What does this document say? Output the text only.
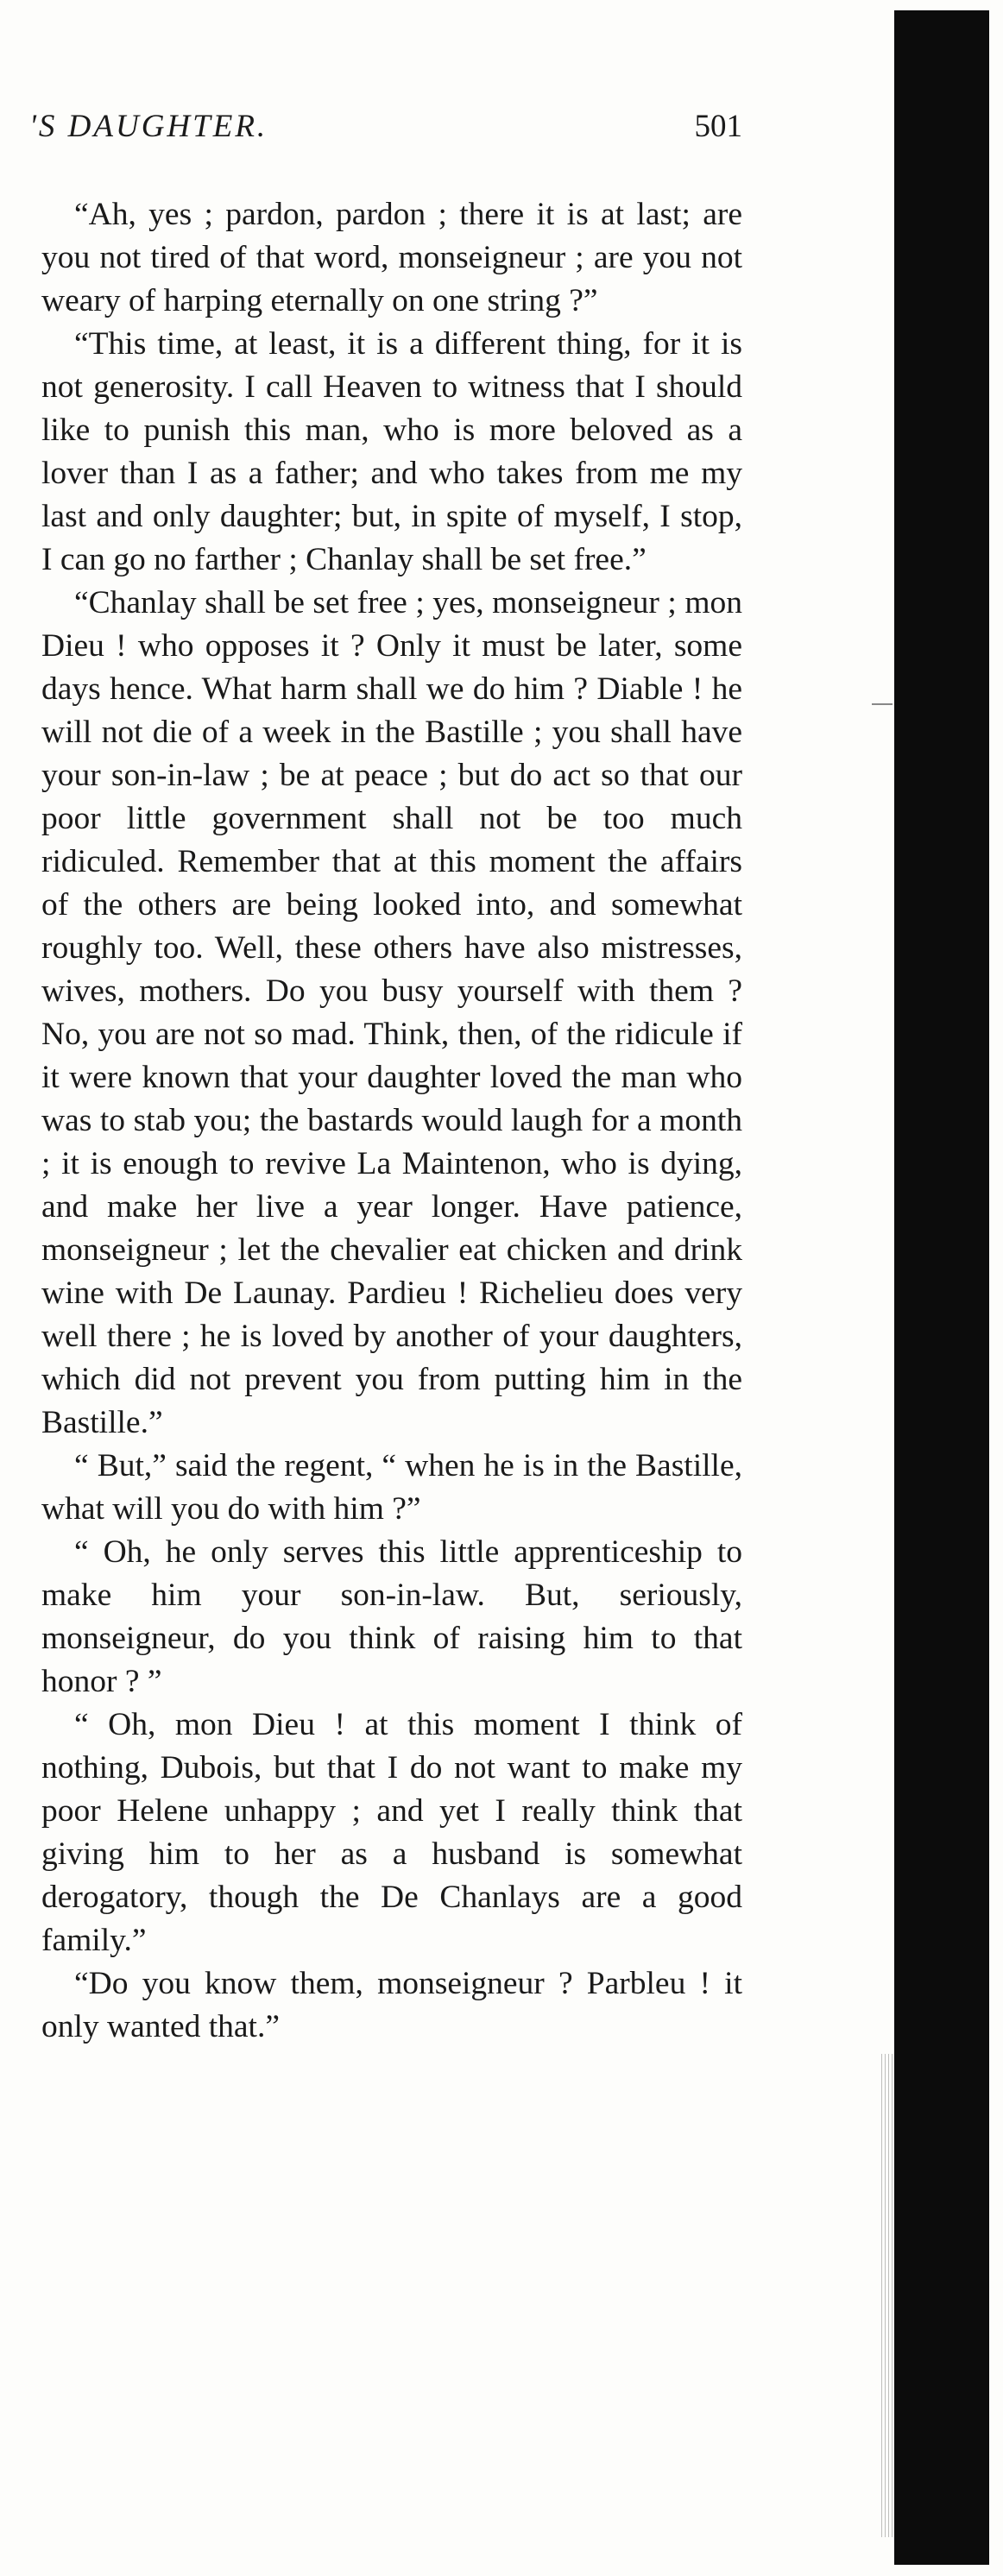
'S DAUGHTER.	501

“Ah, yes ; pardon, pardon ; there it is at last; are you not tired of that word, monseigneur ; are you not weary of harping eternally on one string ?”

“This time, at least, it is a different thing, for it is not generosity. I call Heaven to witness that I should like to punish this man, who is more beloved as a lover than I as a father; and who takes from me my last and only daughter; but, in spite of myself, I stop, I can go no farther ; Chanlay shall be set free.”

“Chanlay shall be set free ; yes, monseigneur ; mon Dieu ! who opposes it ? Only it must be later, some days hence. What harm shall we do him ? Diable ! he will not die of a week in the Bastille ; you shall have your son-in-law ; be at peace ; but do act so that our poor little government shall not be too much ridiculed. Remember that at this moment the affairs of the others are being looked into, and somewhat roughly too. Well, these others have also mistresses, wives, mothers. Do you busy yourself with them ? No, you are not so mad. Think, then, of the ridicule if it were known that your daughter loved the man who was to stab you; the bastards would laugh for a month ; it is enough to revive La Maintenon, who is dying, and make her live a year longer. Have patience, monseigneur ; let the chevalier eat chicken and drink wine with De Launay. Pardieu ! Richelieu does very well there ; he is loved by another of your daughters, which did not prevent you from putting him in the Bastille.”

“ But,” said the regent, “ when he is in the Bastille, what will you do with him ?”

“ Oh, he only serves this little apprenticeship to make him your son-in-law. But, seriously, monseigneur, do you think of raising him to that honor ? ”

“ Oh, mon Dieu ! at this moment I think of nothing, Dubois, but that I do not want to make my poor Helene unhappy ; and yet I really think that giving him to her as a husband is somewhat derogatory, though the De Chanlays are a good family.”

“Do you know them, monseigneur ? Parbleu ! it only wanted that.”
